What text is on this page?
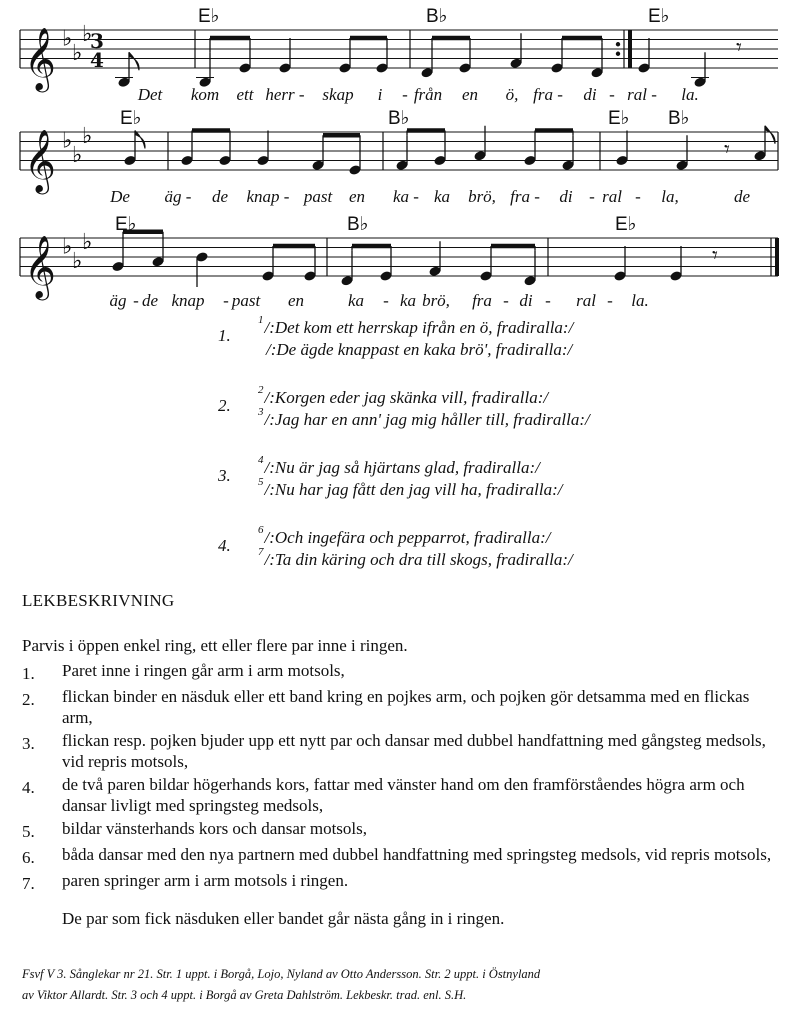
𝄞 ♭
♭
♭
3
4	𝄾
𝄞 ♭
♭
♭
𝄾
𝄞 ♭
♭
♭
𝄾
E♭	B♭	E♭
E♭	B♭	E♭ B♭
E♭	B♭	E♭
Det kom ett herr - skap i - från en ö, fra - di - ral - la.
De äg - de knap - past en ka - ka brö, fra - di - ral - la,	de
äg - de knap - past en	ka - ka brö, fra - di - ral - la.
1.
$^1$/:Det kom ett herrskap ifrån en ö, fradiralla:/
/:De ägde knappast en kaka brö', fradiralla:/
2.
$^2$/:Korgen eder jag skänka vill, fradiralla:/
$^3$/:Jag har en ann' jag mig håller till, fradiralla:/
3.
$^4$/:Nu är jag så hjärtans glad, fradiralla:/
$^5$/:Nu har jag fått den jag vill ha, fradiralla:/
4.
$^6$/:Och ingefära och pepparrot, fradiralla:/
$^7$/:Ta din käring och dra till skogs, fradiralla:/
LEKBESKRIVNING
Parvis i öppen enkel ring, ett eller flere par inne i ringen.
1.	Paret inne i ringen går arm i arm motsols,
2.	flickan binder en näsduk eller ett band kring en pojkes arm, och pojken gör detsamma med en flickas arm,
3.	flickan resp. pojken bjuder upp ett nytt par och dansar med dubbel handfattning med gångsteg medsols, vid repris motsols,
4.	de två paren bildar högerhands kors, fattar med vänster hand om den framförståendes högra arm och dansar livligt med springsteg medsols,
5.	bildar vänsterhands kors och dansar motsols,
6.	båda dansar med den nya partnern med dubbel handfattning med springsteg medsols, vid repris motsols,
7.	paren springer arm i arm motsols i ringen.
De par som fick näsduken eller bandet går nästa gång in i ringen.
Fsvf V 3. Sånglekar nr 21. Str. 1 uppt. i Borgå, Lojo, Nyland av Otto Andersson. Str. 2 uppt. i Östnyland
av Viktor Allardt. Str. 3 och 4 uppt. i Borgå av Greta Dahlström. Lekbeskr. trad. enl. S.H.
